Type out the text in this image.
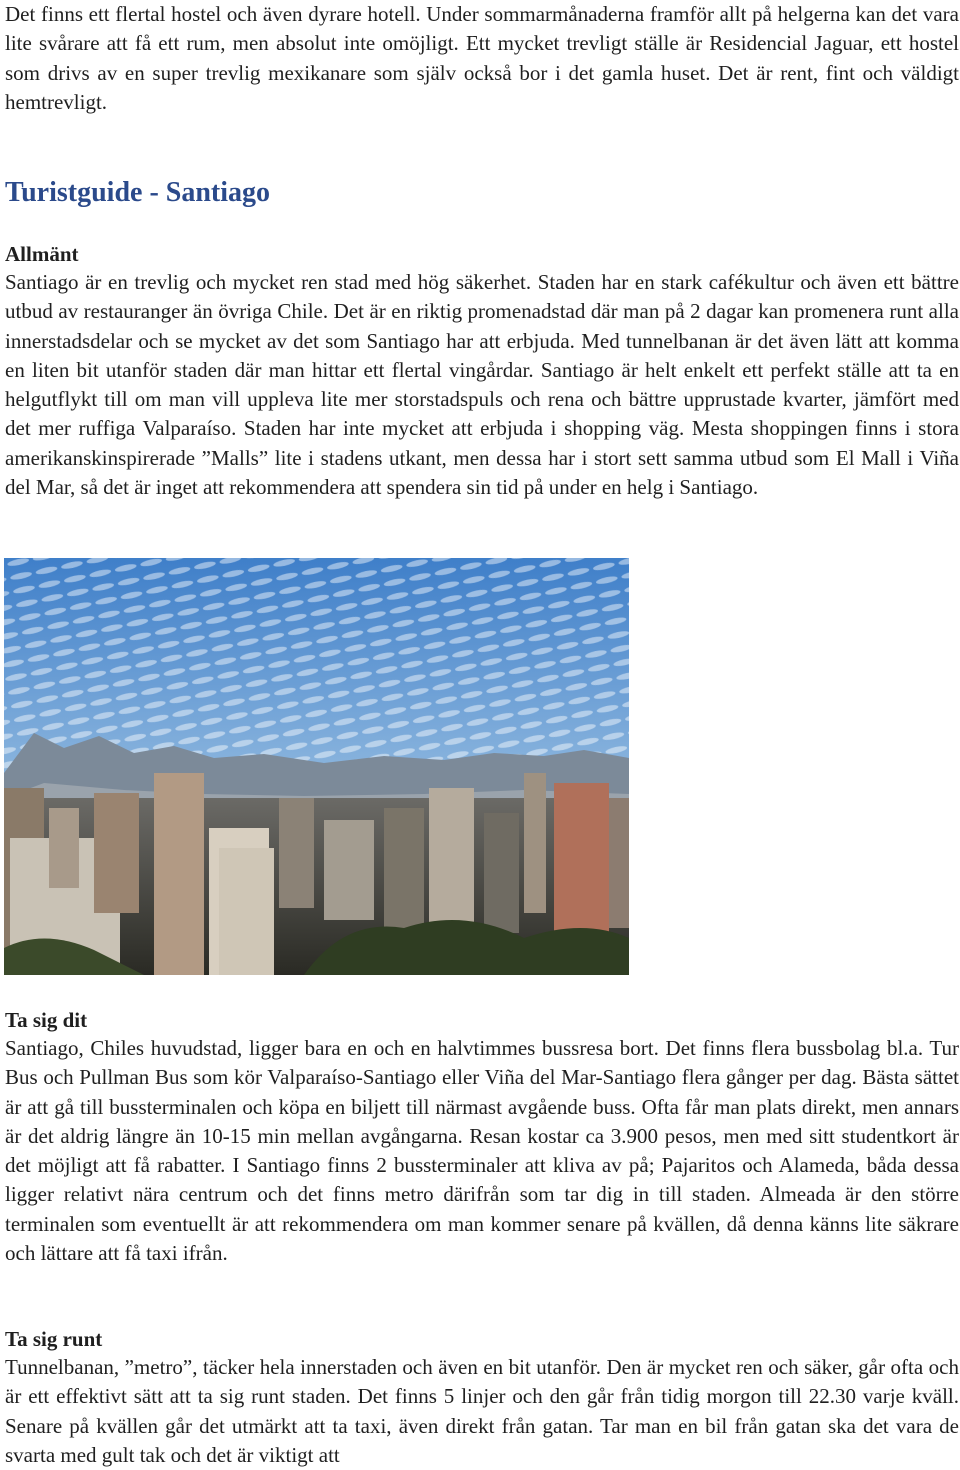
Det finns ett flertal hostel och även dyrare hotell. Under sommarmånaderna framför allt på helgerna kan det vara lite svårare att få ett rum, men absolut inte omöjligt. Ett mycket trevligt ställe är Residencial Jaguar, ett hostel som drivs av en super trevlig mexikanare som själv också bor i det gamla huset. Det är rent, fint och väldigt hemtrevligt.

Turistguide - Santiago
Allmänt

Santiago är en trevlig och mycket ren stad med hög säkerhet. Staden har en stark cafékultur och även ett bättre utbud av restauranger än övriga Chile. Det är en riktig promenadstad där man på 2 dagar kan promenera runt alla innerstadsdelar och se mycket av det som Santiago har att erbjuda. Med tunnelbanan är det även lätt att komma en liten bit utanför staden där man hittar ett flertal vingårdar. Santiago är helt enkelt ett perfekt ställe att ta en helgutflykt till om man vill uppleva lite mer storstadspuls och rena och bättre upprustade kvarter, jämfört med det mer ruffiga Valparaíso. Staden har inte mycket att erbjuda i shopping väg. Mesta shoppingen finns i stora amerikanskinspirerade ”Malls” lite i stadens utkant, men dessa har i stort sett samma utbud som El Mall i Viña del Mar, så det är inget att rekommendera att spendera sin tid på under en helg i Santiago.

Ta sig dit

Santiago, Chiles huvudstad, ligger bara en och en halvtimmes bussresa bort. Det finns flera bussbolag bl.a. Tur Bus och Pullman Bus som kör Valparaíso-Santiago eller Viña del Mar-Santiago flera gånger per dag. Bästa sättet är att gå till bussterminalen och köpa en biljett till närmast avgående buss. Ofta får man plats direkt, men annars är det aldrig längre än 10-15 min mellan avgångarna. Resan kostar ca 3.900 pesos, men med sitt studentkort är det möjligt att få rabatter. I Santiago finns 2 bussterminaler att kliva av på; Pajaritos och Alameda, båda dessa ligger relativt nära centrum och det finns metro därifrån som tar dig in till staden. Almeada är den större terminalen som eventuellt är att rekommendera om man kommer senare på kvällen, då denna känns lite säkrare och lättare att få taxi ifrån.

Ta sig runt

Tunnelbanan, ”metro”, täcker hela innerstaden och även en bit utanför. Den är mycket ren och säker, går ofta och är ett effektivt sätt att ta sig runt staden. Det finns 5 linjer och den går från tidig morgon till 22.30 varje kväll. Senare på kvällen går det utmärkt att ta taxi, även direkt från gatan. Tar man en bil från gatan ska det vara de svarta med gult tak och det är viktigt att
